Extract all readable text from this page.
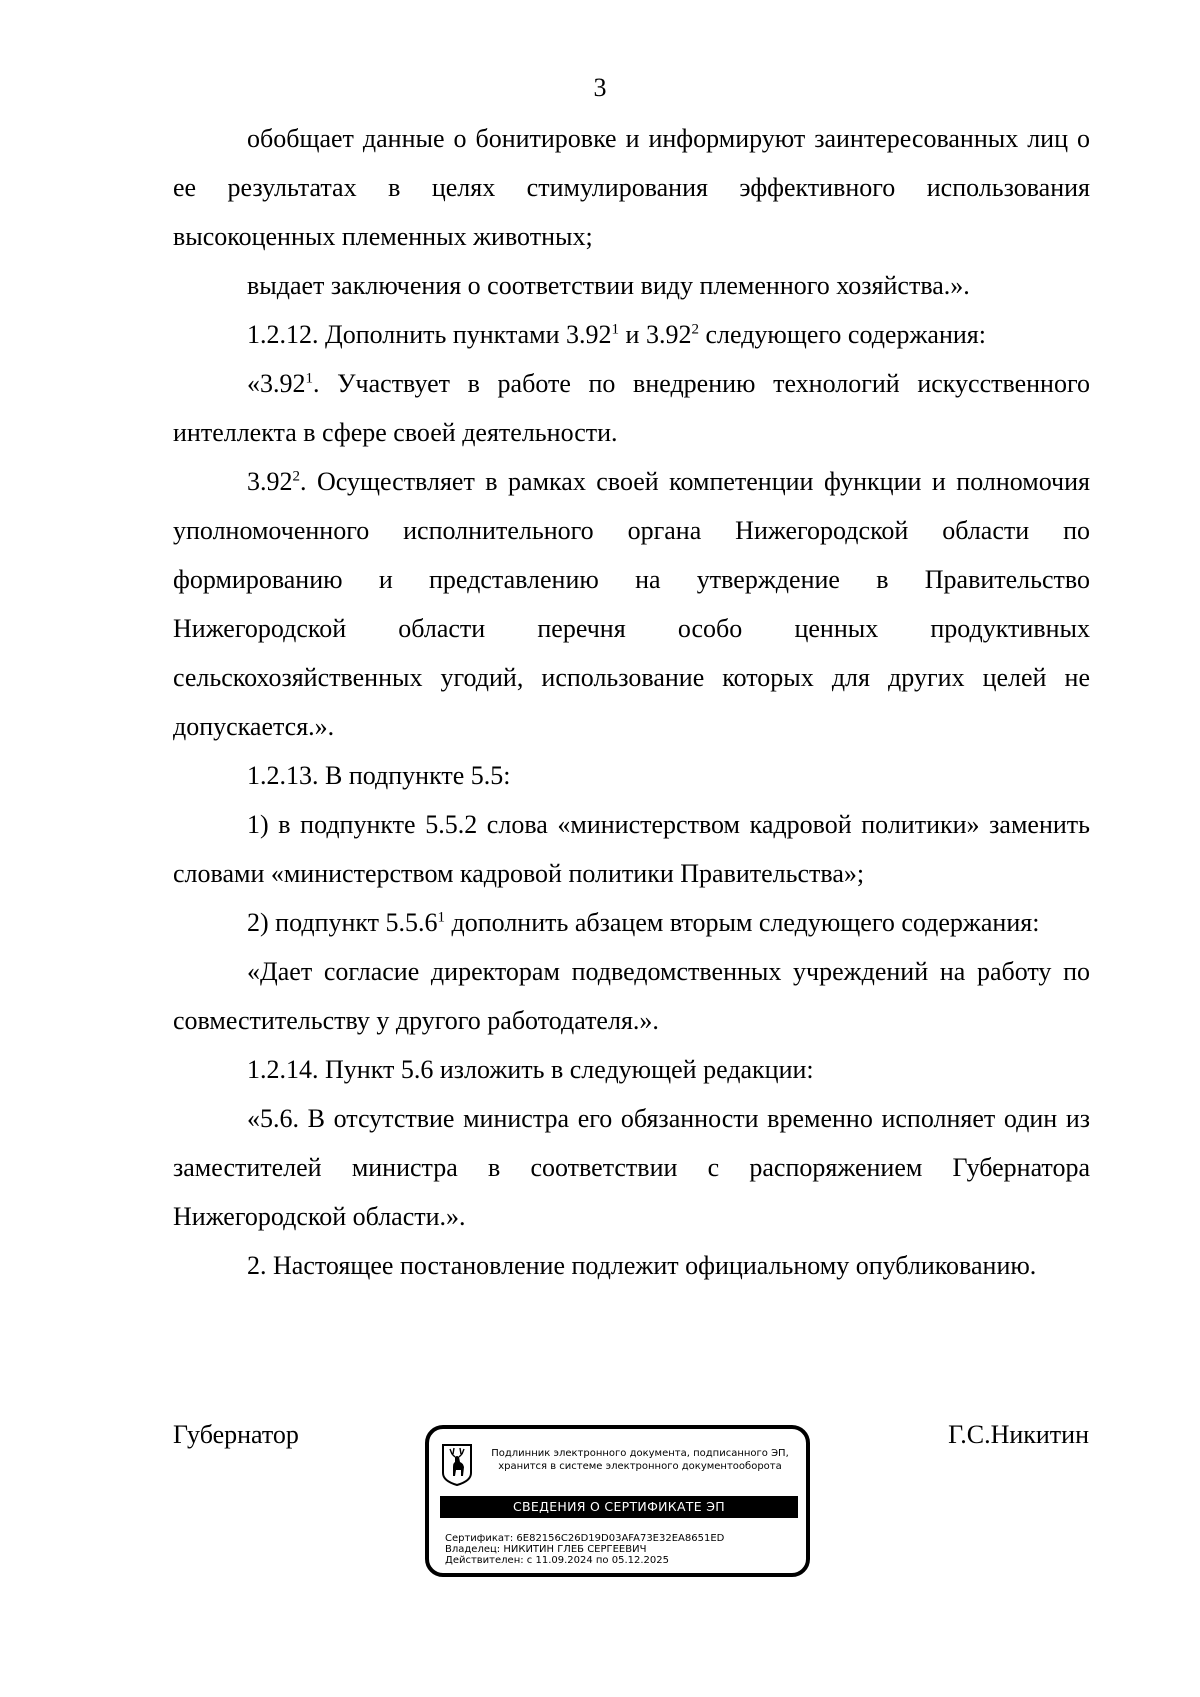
3

обобщает данные о бонитировке и информируют заинтересованных лиц о ее результатах в целях стимулирования эффективного использования высокоценных племенных животных;

выдает заключения о соответствии виду племенного хозяйства.».

1.2.12. Дополнить пунктами 3.92$^1$ и 3.92$^2$ следующего содержания:

«3.92$^1$. Участвует в работе по внедрению технологий искусственного интеллекта в сфере своей деятельности.

3.92$^2$. Осуществляет в рамках своей компетенции функции и полномочия уполномоченного исполнительного органа Нижегородской области по формированию и представлению на утверждение в Правительство Нижегородской области перечня особо ценных продуктивных сельскохозяйственных угодий, использование которых для других целей не допускается.».

1.2.13. В подпункте 5.5:

1) в подпункте 5.5.2 слова «министерством кадровой политики» заменить словами «министерством кадровой политики Правительства»;

2) подпункт 5.5.6$^1$ дополнить абзацем вторым следующего содержания:

«Дает согласие директорам подведомственных учреждений на работу по совместительству у другого работодателя.».

1.2.14. Пункт 5.6 изложить в следующей редакции:

«5.6. В отсутствие министра его обязанности временно исполняет один из заместителей министра в соответствии с распоряжением Губернатора Нижегородской области.».

2. Настоящее постановление подлежит официальному опубликованию.

Губернатор	Г.С.Никитин
Подлинник электронного документа, подписанного ЭП,
хранится в системе электронного документооборота
СВЕДЕНИЯ О СЕРТИФИКАТЕ ЭП
Сертификат: 6E82156C26D19D03AFA73E32EA8651ED
Владелец: НИКИТИН ГЛЕБ СЕРГЕЕВИЧ
Действителен: с 11.09.2024 по 05.12.2025
